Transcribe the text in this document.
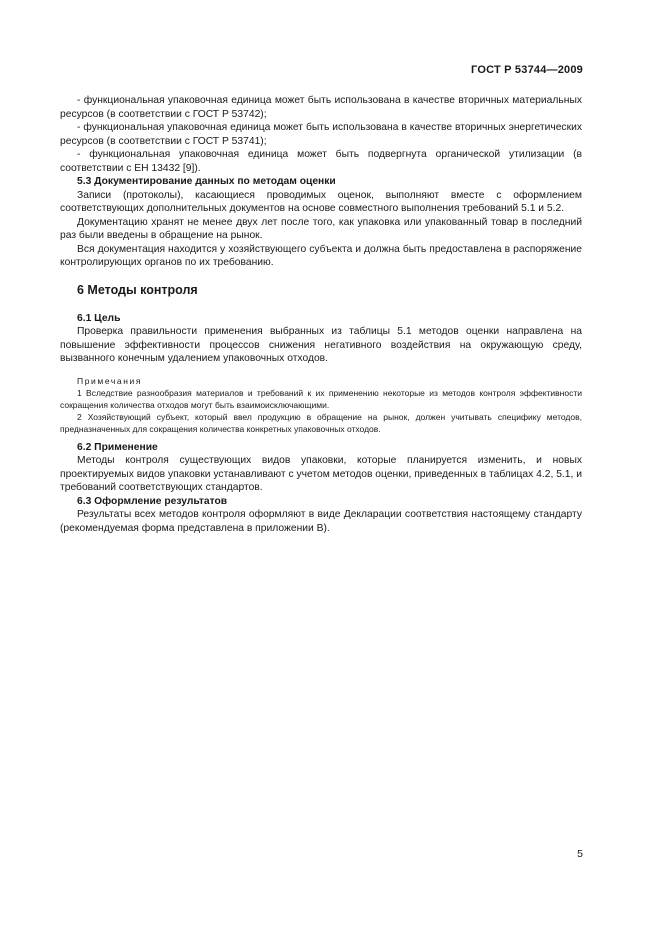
ГОСТ Р 53744—2009

- функциональная упаковочная единица может быть использована в качестве вторичных материальных ресурсов (в соответствии с ГОСТ Р 53742);

- функциональная упаковочная единица может быть использована в качестве вторичных энергетических ресурсов (в соответствии с ГОСТ Р 53741);

- функциональная упаковочная единица может быть подвергнута органической утилизации (в соответствии с ЕН 13432 [9]).

5.3 Документирование данных по методам оценки

Записи (протоколы), касающиеся проводимых оценок, выполняют вместе с оформлением соответствующих дополнительных документов на основе совместного выполнения требований 5.1 и 5.2.

Документацию хранят не менее двух лет после того, как упаковка или упакованный товар в последний раз были введены в обращение на рынок.

Вся документация находится у хозяйствующего субъекта и должна быть предоставлена в распоряжение контролирующих органов по их требованию.

6 Методы контроля

6.1 Цель

Проверка правильности применения выбранных из таблицы 5.1 методов оценки направлена на повышение эффективности процессов снижения негативного воздействия на окружающую среду, вызванного конечным удалением упаковочных отходов.

Примечания

1 Вследствие разнообразия материалов и требований к их применению некоторые из методов контроля эффективности сокращения количества отходов могут быть взаимоисключающими.

2 Хозяйствующий субъект, который ввел продукцию в обращение на рынок, должен учитывать специфику методов, предназначенных для сокращения количества конкретных упаковочных отходов.

6.2 Применение

Методы контроля существующих видов упаковки, которые планируется изменить, и новых проектируемых видов упаковки устанавливают с учетом методов оценки, приведенных в таблицах 4.2, 5.1, и требований соответствующих стандартов.

6.3 Оформление результатов

Результаты всех методов контроля оформляют в виде Декларации соответствия настоящему стандарту (рекомендуемая форма представлена в приложении В).

5
